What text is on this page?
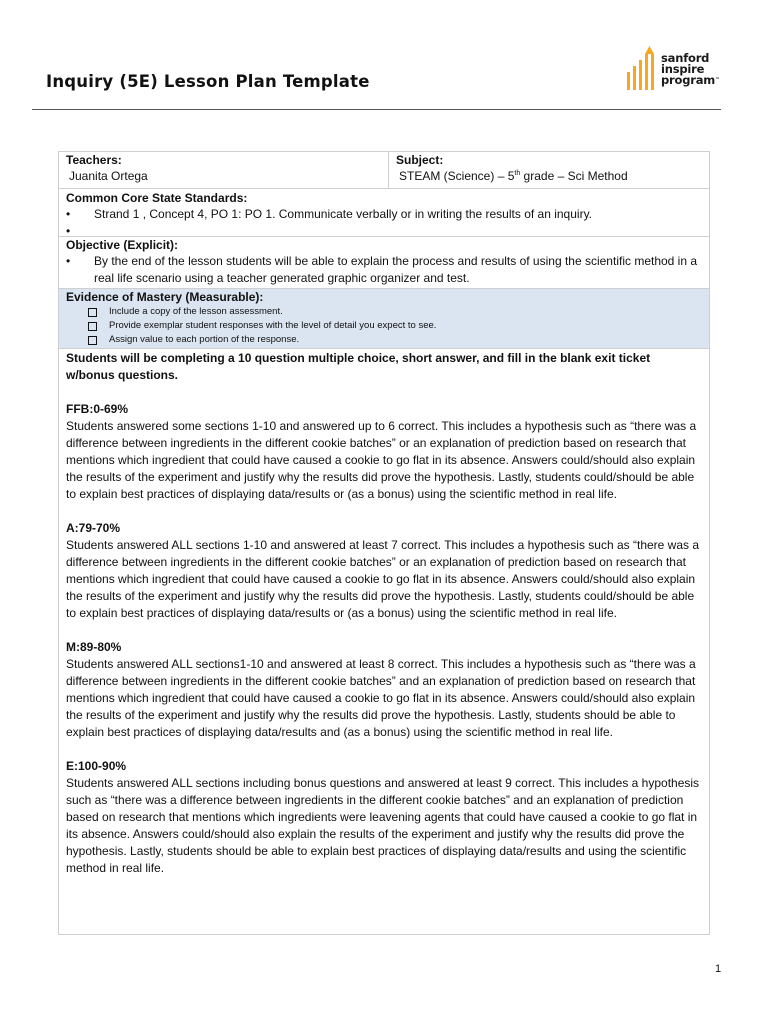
Inquiry (5E) Lesson Plan Template
sanford
inspire
program™
Teachers:
Juanita Ortega
Subject:
STEAM (Science) – 5th grade – Sci Method
Common Core State Standards:
•	Strand 1 , Concept 4, PO 1: PO 1. Communicate verbally or in writing the results of an inquiry.
•
Objective (Explicit):
•	By the end of the lesson students will be able to explain the process and results of using the scientific method in a real life scenario using a teacher generated graphic organizer and test.
Evidence of Mastery (Measurable):
Include a copy of the lesson assessment.
Provide exemplar student responses with the level of detail you expect to see.
Assign value to each portion of the response.
Students will be completing a 10 question multiple choice, short answer, and fill in the blank exit ticket w/bonus questions.
FFB:0-69%
Students answered some sections 1-10 and answered up to 6 correct. This includes a hypothesis such as “there was a difference between ingredients in the different cookie batches” or an explanation of prediction based on research that mentions which ingredient that could have caused a cookie to go flat in its absence. Answers could/should also explain the results of the experiment and justify why the results did prove the hypothesis. Lastly, students could/should be able to explain best practices of displaying data/results or (as a bonus) using the scientific method in real life.
A:79-70%
Students answered ALL sections 1-10 and answered at least 7 correct. This includes a hypothesis such as “there was a difference between ingredients in the different cookie batches” or an explanation of prediction based on research that mentions which ingredient that could have caused a cookie to go flat in its absence. Answers could/should also explain the results of the experiment and justify why the results did prove the hypothesis. Lastly, students could/should be able to explain best practices of displaying data/results or (as a bonus) using the scientific method in real life.
M:89-80%
Students answered ALL sections1-10 and answered at least 8 correct. This includes a hypothesis such as “there was a difference between ingredients in the different cookie batches” and an explanation of prediction based on research that mentions which ingredient that could have caused a cookie to go flat in its absence. Answers could/should also explain the results of the experiment and justify why the results did prove the hypothesis. Lastly, students should be able to explain best practices of displaying data/results and (as a bonus) using the scientific method in real life.
E:100-90%
Students answered ALL sections including bonus questions and answered at least 9 correct. This includes a hypothesis such as “there was a difference between ingredients in the different cookie batches” and an explanation of prediction based on research that mentions which ingredients were leavening agents that could have caused a cookie to go flat in its absence. Answers could/should also explain the results of the experiment and justify why the results did prove the hypothesis. Lastly, students should be able to explain best practices of displaying data/results and using the scientific method in real life.
1
